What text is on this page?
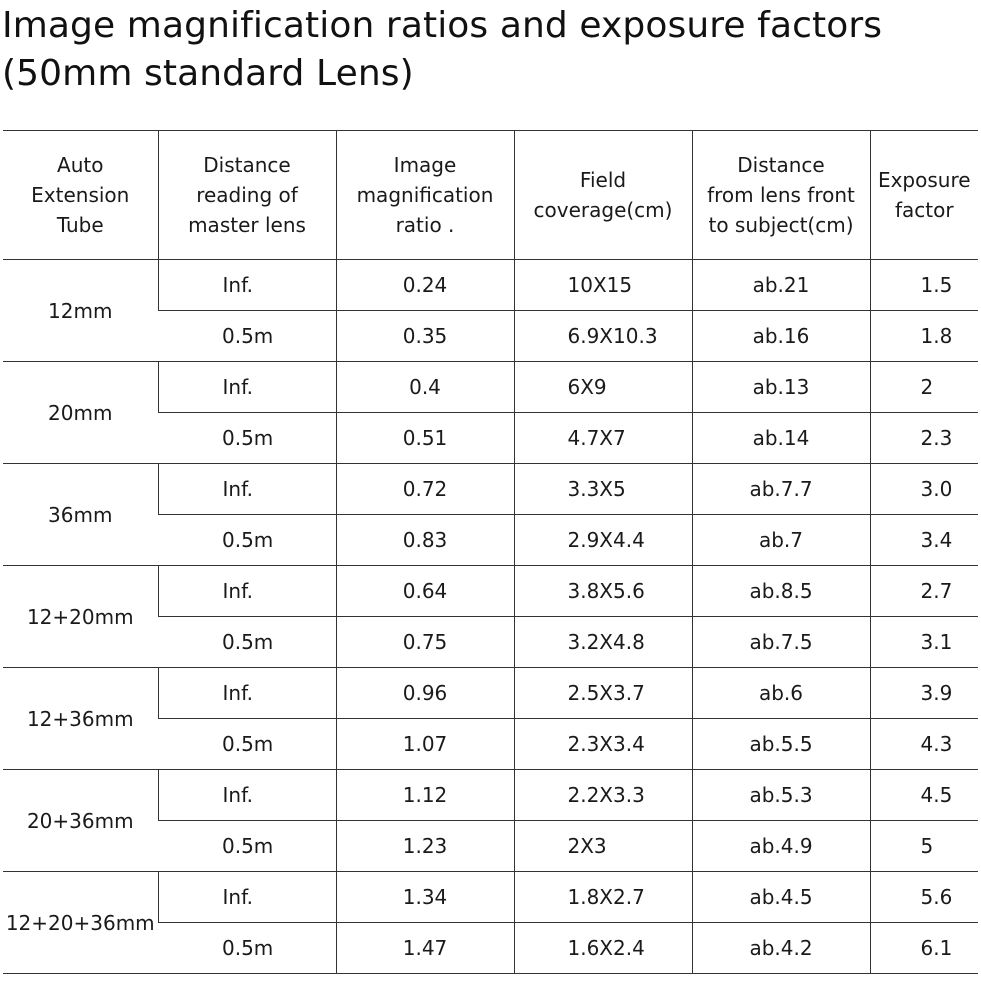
Image magnification ratios and exposure factors
(50mm standard Lens)
Auto
Extension
Tube	Distance
reading of
master lens	Image
magnification
ratio .	Field
coverage(cm)	Distance
from lens front
to subject(cm)	Exposure
factor

12mm	Inf.	0.24	10X15	ab.21	1.5
	0.5m	0.35	6.9X10.3	ab.16	1.8
20mm	Inf.	0.4	6X9	ab.13	2
	0.5m	0.51	4.7X7	ab.14	2.3
36mm	Inf.	0.72	3.3X5	ab.7.7	3.0
	0.5m	0.83	2.9X4.4	ab.7	3.4
12+20mm	Inf.	0.64	3.8X5.6	ab.8.5	2.7
	0.5m	0.75	3.2X4.8	ab.7.5	3.1
12+36mm	Inf.	0.96	2.5X3.7	ab.6	3.9
	0.5m	1.07	2.3X3.4	ab.5.5	4.3
20+36mm	Inf.	1.12	2.2X3.3	ab.5.3	4.5
	0.5m	1.23	2X3	ab.4.9	5
12+20+36mm	Inf.	1.34	1.8X2.7	ab.4.5	5.6
	0.5m	1.47	1.6X2.4	ab.4.2	6.1
